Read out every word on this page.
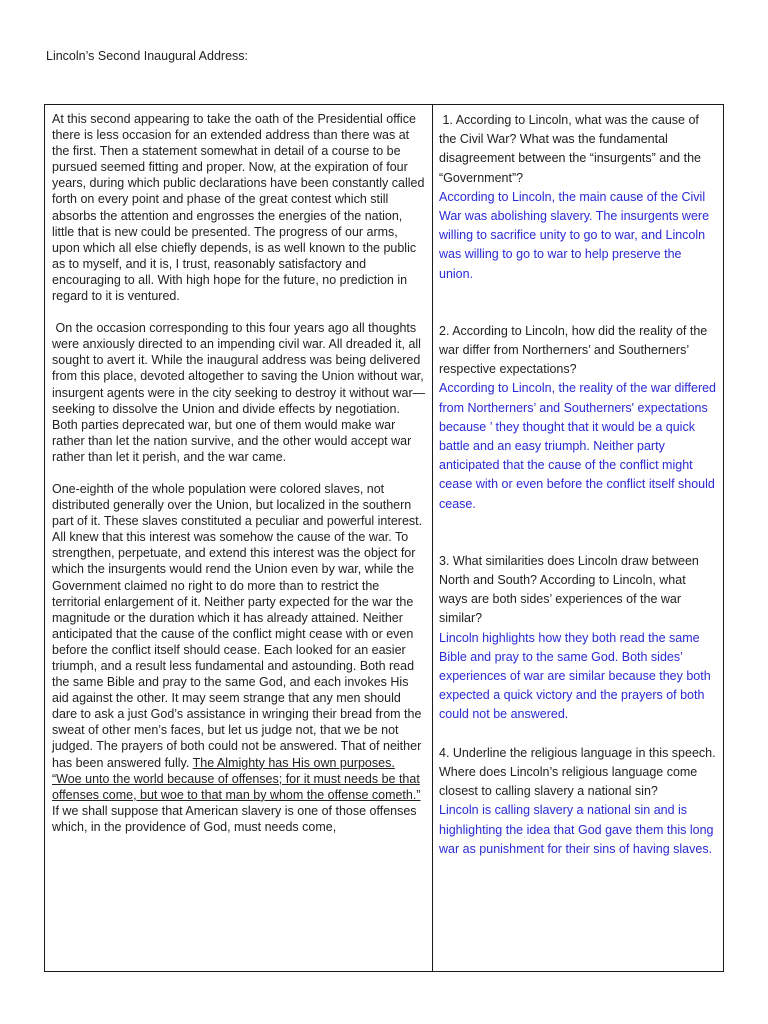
Lincoln’s Second Inaugural Address:

At this second appearing to take the oath of the Presidential office there is less occasion for an extended address than there was at the first. Then a statement somewhat in detail of a course to be pursued seemed fitting and proper. Now, at the expiration of four years, during which public declarations have been constantly called forth on every point and phase of the great contest which still absorbs the attention and engrosses the energies of the nation, little that is new could be presented. The progress of our arms, upon which all else chiefly depends, is as well known to the public as to myself, and it is, I trust, reasonably satisfactory and encouraging to all. With high hope for the future, no prediction in regard to it is ventured.

On the occasion corresponding to this four years ago all thoughts were anxiously directed to an impending civil war. All dreaded it, all sought to avert it. While the inaugural address was being delivered from this place, devoted altogether to saving the Union without war, insurgent agents were in the city seeking to destroy it without war—seeking to dissolve the Union and divide effects by negotiation. Both parties deprecated war, but one of them would make war rather than let the nation survive, and the other would accept war rather than let it perish, and the war came.

One-eighth of the whole population were colored slaves, not distributed generally over the Union, but localized in the southern part of it. These slaves constituted a peculiar and powerful interest. All knew that this interest was somehow the cause of the war. To strengthen, perpetuate, and extend this interest was the object for which the insurgents would rend the Union even by war, while the Government claimed no right to do more than to restrict the territorial enlargement of it. Neither party expected for the war the magnitude or the duration which it has already attained. Neither anticipated that the cause of the conflict might cease with or even before the conflict itself should cease. Each looked for an easier triumph, and a result less fundamental and astounding. Both read the same Bible and pray to the same God, and each invokes His aid against the other. It may seem strange that any men should dare to ask a just God’s assistance in wringing their bread from the sweat of other men’s faces, but let us judge not, that we be not judged. The prayers of both could not be answered. That of neither has been answered fully. The Almighty has His own purposes. “Woe unto the world because of offenses; for it must needs be that offenses come, but woe to that man by whom the offense cometh.” If we shall suppose that American slavery is one of those offenses which, in the providence of God, must needs come,

1. According to Lincoln, what was the cause of the Civil War? What was the fundamental disagreement between the “insurgents” and the “Government”?
According to Lincoln, the main cause of the Civil War was abolishing slavery. The insurgents were willing to sacrifice unity to go to war, and Lincoln was willing to go to war to help preserve the union.
2. According to Lincoln, how did the reality of the war differ from Northerners’ and Southerners’ respective expectations?
According to Lincoln, the reality of the war differed from Northerners’ and Southerners' expectations because ’ they thought that it would be a quick battle and an easy triumph. Neither party anticipated that the cause of the conflict might cease with or even before the conflict itself should cease.
3. What similarities does Lincoln draw between North and South? According to Lincoln, what ways are both sides’ experiences of the war similar?
Lincoln highlights how they both read the same Bible and pray to the same God. Both sides’ experiences of war are similar because they both expected a quick victory and the prayers of both could not be answered.
4. Underline the religious language in this speech. Where does Lincoln’s religious language come closest to calling slavery a national sin?
Lincoln is calling slavery a national sin and is highlighting the idea that God gave them this long war as punishment for their sins of having slaves.
